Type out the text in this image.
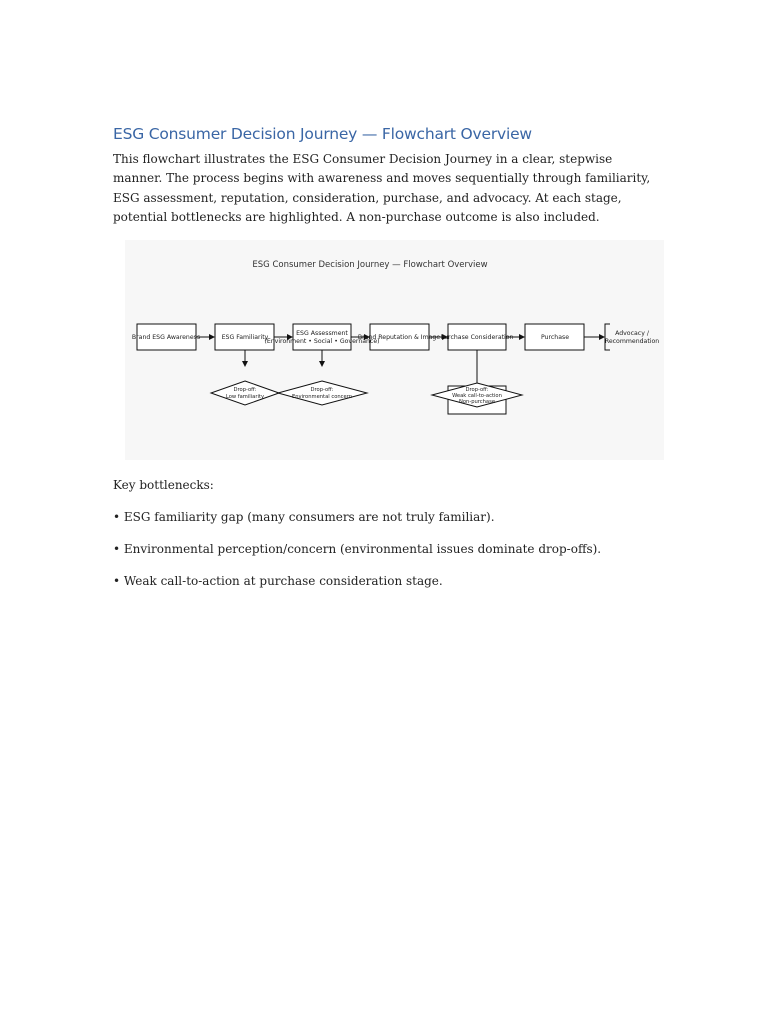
ESG Consumer Decision Journey — Flowchart Overview

This flowchart illustrates the ESG Consumer Decision Journey in a clear, stepwise manner. The process begins with awareness and moves sequentially through familiarity, ESG assessment, reputation, consideration, purchase, and advocacy. At each stage, potential bottlenecks are highlighted. A non-purchase outcome is also included.

ESG Consumer Decision Journey — Flowchart Overview
Brand ESG Awareness	ESG Familiarity
ESG Assessment
(Environment • Social • Governance)
Brand Reputation & Image Purchase Consideration	Purchase
Advocacy /
Recommendation
Drop-off:
Low familiarity
Drop-off:
Environmental concern
Drop-off:
Weak call-to-action
Non-purchase

Key bottlenecks:

• ESG familiarity gap (many consumers are not truly familiar).

• Environmental perception/concern (environmental issues dominate drop-offs).

• Weak call-to-action at purchase consideration stage.
